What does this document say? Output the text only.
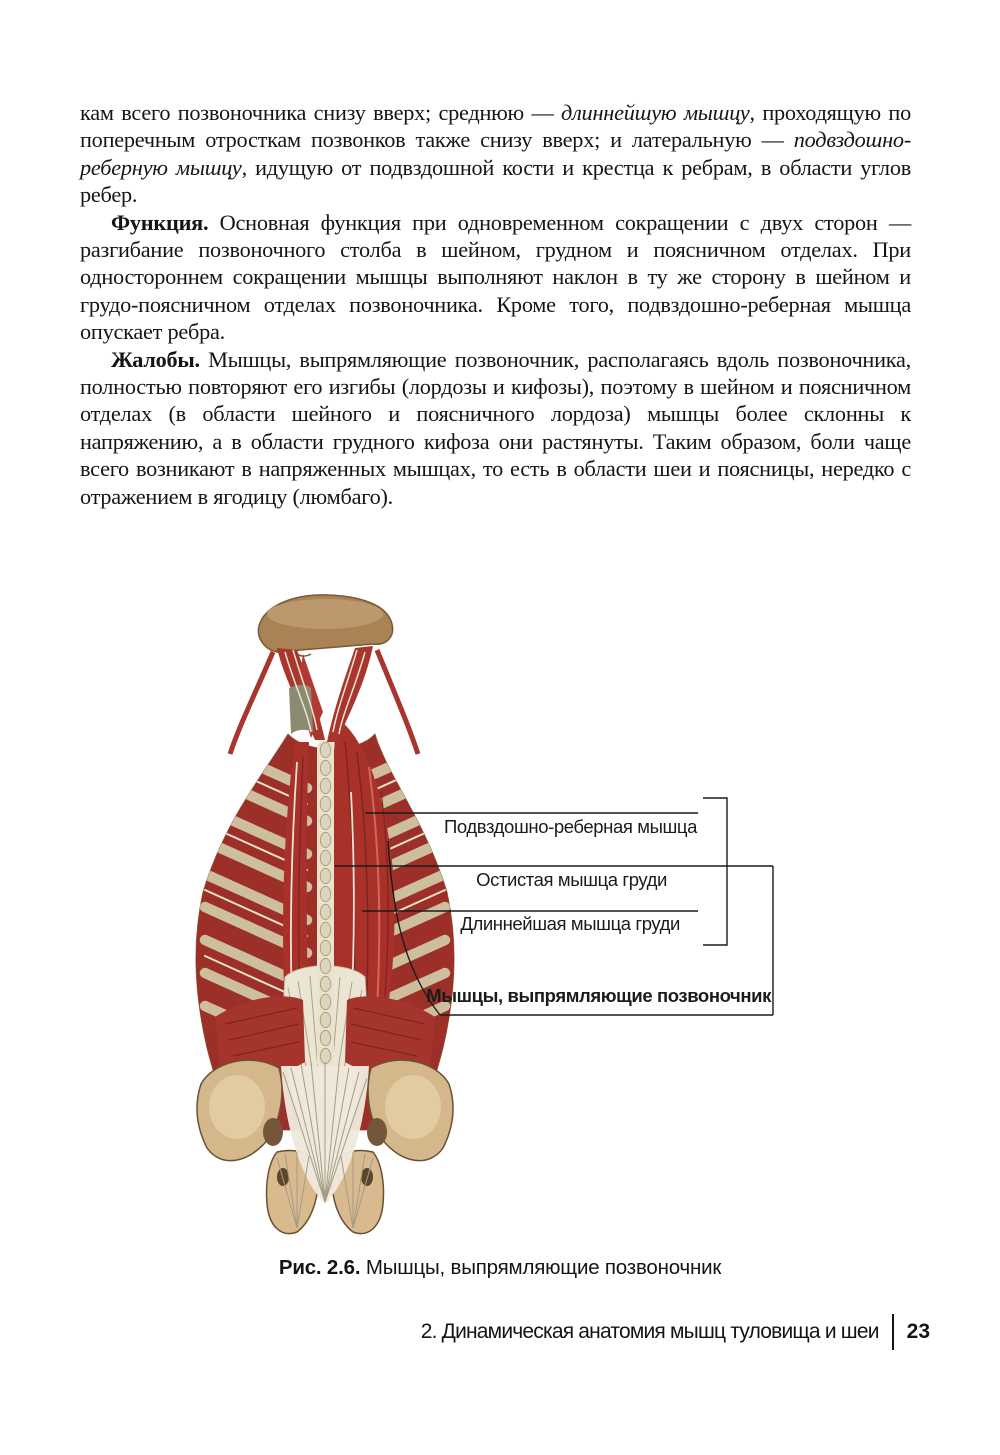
кам всего позвоночника снизу вверх; среднюю — длиннейшую мышцу, проходящую по поперечным отросткам позвонков также снизу вверх; и латеральную — подвздошно-реберную мышцу, идущую от подвздошной кости и крестца к ребрам, в области углов ребер.

Функция. Основная функция при одновременном сокращении с двух сторон — разгибание позвоночного столба в шейном, грудном и поясничном отделах. При одностороннем сокращении мышцы выполняют наклон в ту же сторону в шейном и грудо-поясничном отделах позвоночника. Кроме того, подвздошно-реберная мышца опускает ребра.

Жалобы. Мышцы, выпрямляющие позвоночник, располагаясь вдоль позвоночника, полностью повторяют его изгибы (лордозы и кифозы), поэтому в шейном и поясничном отделах (в области шейного и поясничного лордоза) мышцы более склонны к напряжению, а в области грудного кифоза они растянуты. Таким образом, боли чаще всего возникают в напряженных мышцах, то есть в области шеи и поясницы, нередко с отражением в ягодицу (люмбаго).

Подвздошно-реберная мышца
Остистая мышца груди
Длиннейшая мышца груди
Мышцы, выпрямляющие позвоночник
Рис. 2.6. Мышцы, выпрямляющие позвоночник
2. Динамическая анатомия мышц туловища и шеи 23
